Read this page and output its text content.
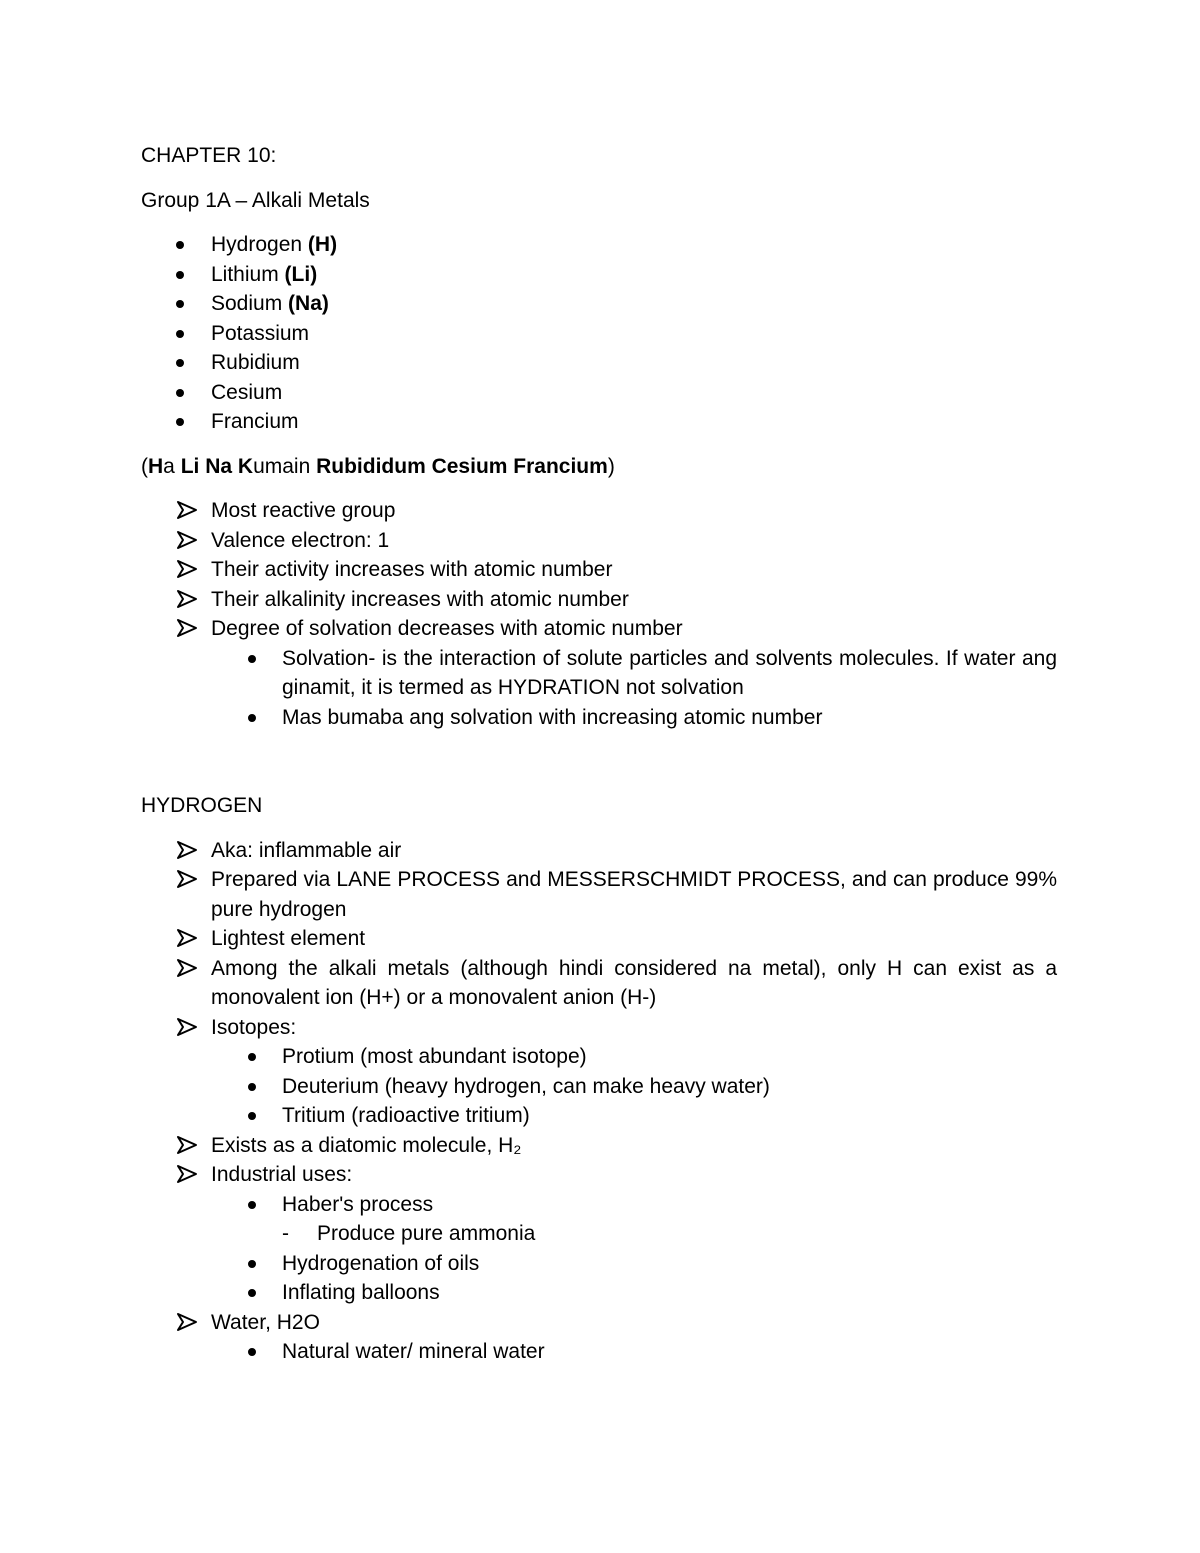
CHAPTER 10:

Group 1A – Alkali Metals

Hydrogen (H)
Lithium (Li)
Sodium (Na)
Potassium
Rubidium
Cesium
Francium

(Ha Li Na Kumain Rubididum Cesium Francium)

Most reactive group
Valence electron: 1
Their activity increases with atomic number
Their alkalinity increases with atomic number
Degree of solvation decreases with atomic number
Solvation- is the interaction of solute particles and solvents molecules. If water ang ginamit, it is termed as HYDRATION not solvation
Mas bumaba ang solvation with increasing atomic number

HYDROGEN

Aka: inflammable air
Prepared via LANE PROCESS and MESSERSCHMIDT PROCESS, and can produce 99% pure hydrogen
Lightest element
Among the alkali metals (although hindi considered na metal), only H can exist as a monovalent ion (H+) or a monovalent anion (H-)
Isotopes:
Protium (most abundant isotope)
Deuterium (heavy hydrogen, can make heavy water)
Tritium (radioactive tritium)
Exists as a diatomic molecule, H₂
Industrial uses:
Haber's process
- Produce pure ammonia
Hydrogenation of oils
Inflating balloons
Water, H2O
Natural water/ mineral water
